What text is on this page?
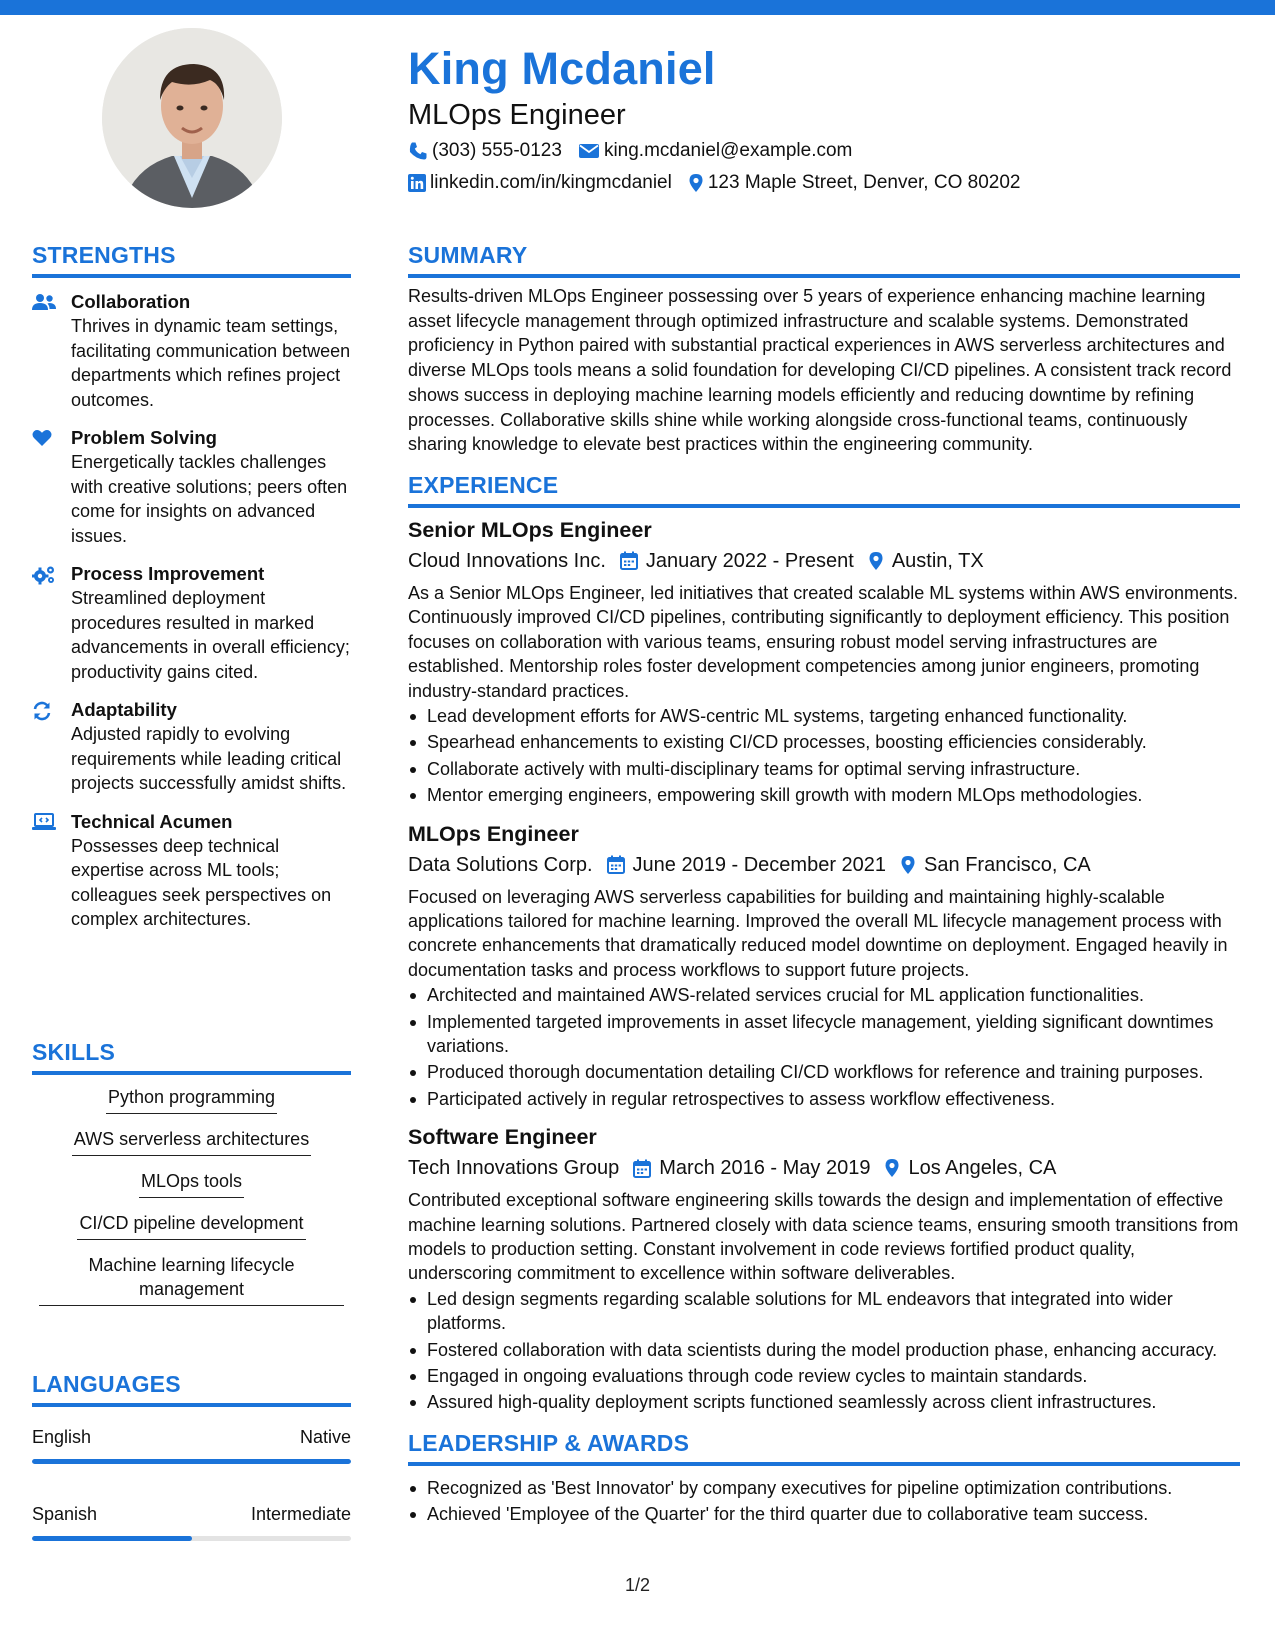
King Mcdaniel
MLOps Engineer
(303) 555-0123 king.mcdaniel@example.com
linkedin.com/in/kingmcdaniel 123 Maple Street, Denver, CO 80202
STRENGTHS
Collaboration
Thrives in dynamic team settings, facilitating communication between departments which refines project outcomes.
Problem Solving
Energetically tackles challenges with creative solutions; peers often come for insights on advanced issues.
Process Improvement
Streamlined deployment procedures resulted in marked advancements in overall efficiency; productivity gains cited.
Adaptability
Adjusted rapidly to evolving requirements while leading critical projects successfully amidst shifts.
Technical Acumen
Possesses deep technical expertise across ML tools; colleagues seek perspectives on complex architectures.
SKILLS
Python programming
AWS serverless architectures
MLOps tools
CI/CD pipeline development
Machine learning lifecycle management
LANGUAGES
English	Native
Spanish	Intermediate
SUMMARY
Results-driven MLOps Engineer possessing over 5 years of experience enhancing machine learning asset lifecycle management through optimized infrastructure and scalable systems. Demonstrated proficiency in Python paired with substantial practical experiences in AWS serverless architectures and diverse MLOps tools means a solid foundation for developing CI/CD pipelines. A consistent track record shows success in deploying machine learning models efficiently and reducing downtime by refining processes. Collaborative skills shine while working alongside cross-functional teams, continuously sharing knowledge to elevate best practices within the engineering community.
EXPERIENCE
Senior MLOps Engineer
Cloud Innovations Inc. January 2022 - Present Austin, TX
As a Senior MLOps Engineer, led initiatives that created scalable ML systems within AWS environments. Continuously improved CI/CD pipelines, contributing significantly to deployment efficiency. This position focuses on collaboration with various teams, ensuring robust model serving infrastructures are established. Mentorship roles foster development competencies among junior engineers, promoting industry-standard practices.
Lead development efforts for AWS-centric ML systems, targeting enhanced functionality.
Spearhead enhancements to existing CI/CD processes, boosting efficiencies considerably.
Collaborate actively with multi-disciplinary teams for optimal serving infrastructure.
Mentor emerging engineers, empowering skill growth with modern MLOps methodologies.
MLOps Engineer
Data Solutions Corp. June 2019 - December 2021 San Francisco, CA
Focused on leveraging AWS serverless capabilities for building and maintaining highly-scalable applications tailored for machine learning. Improved the overall ML lifecycle management process with concrete enhancements that dramatically reduced model downtime on deployment. Engaged heavily in documentation tasks and process workflows to support future projects.
Architected and maintained AWS-related services crucial for ML application functionalities.
Implemented targeted improvements in asset lifecycle management, yielding significant downtimes variations.
Produced thorough documentation detailing CI/CD workflows for reference and training purposes.
Participated actively in regular retrospectives to assess workflow effectiveness.
Software Engineer
Tech Innovations Group March 2016 - May 2019 Los Angeles, CA
Contributed exceptional software engineering skills towards the design and implementation of effective machine learning solutions. Partnered closely with data science teams, ensuring smooth transitions from models to production setting. Constant involvement in code reviews fortified product quality, underscoring commitment to excellence within software deliverables.
Led design segments regarding scalable solutions for ML endeavors that integrated into wider platforms.
Fostered collaboration with data scientists during the model production phase, enhancing accuracy.
Engaged in ongoing evaluations through code review cycles to maintain standards.
Assured high-quality deployment scripts functioned seamlessly across client infrastructures.
LEADERSHIP & AWARDS
Recognized as 'Best Innovator' by company executives for pipeline optimization contributions.
Achieved 'Employee of the Quarter' for the third quarter due to collaborative team success.
1/2
